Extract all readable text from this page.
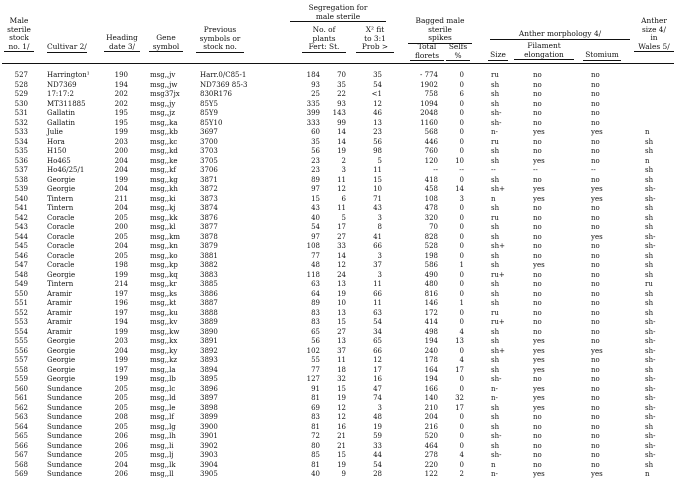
Male
sterile
stock
no. 1/	Cultivar 2/
Heading
date 3/
Gene
symbol
Previous
symbols or
stock no.
Segregation for
male sterile
No. of
plants
Fert: St.
X² fit
to 3:1
Prob >
Bagged male
sterile
spikes
Total
florets
Selfs
%
Anther morphology 4/
Size
Filament
elongation	Stomium
Anther
size 4/
in
Wales 5/
527	Harrington¹	190	msg,,jv	Harr.0/C85-1	184	70	35	- 774	0	ru	no	no
528	ND7369	194	msg,,jw	ND7369 85-3	93	35	54	1902	0	sh	no	no
529	17:17:2	202	msg37jx	830R176	25	22	<1	758	6	sh	no	no
530	MT311885	202	msg,,jy	85Y5	335	93	12	1094	0	sh	no	no
531	Gallatin	195	msg,,jz	85Y9	399	143	46	2048	0	sh-	no	no
532	Gallatin	195	msg,,ka	85Y10	333	99	13	1160	0	sh-	no	no
533	Julie	199	msg,,kb	3697	60	14	23	568	0	n-	yes	yes	n
534	Hora	203	msg,,kc	3700	35	14	56	446	0	ru	no	no	sh
535	H150	200	msg,,kd	3703	56	19	98	760	0	sh	no	no	sh
536	Ho465	204	msg,,ke	3705	23	2	5	120	10	sh	yes	no	n
537	Ho46/25/1	204	msg,,kf	3706	23	3	11	--	--	--	--	--	sh
538	Georgie	199	msg,,kg	3871	89	11	15	418	0	sh	no	no	sh
539	Georgie	204	msg,,kh	3872	97	12	10	458	14	sh+	yes	yes	sh-
540	Tintern	211	msg,,ki	3873	15	6	71	108	3	n	yes	yes	sh-
541	Tintern	204	msg,,kj	3874	43	11	43	478	0	sh	no	no	sh
542	Coracle	205	msg,,kk	3876	40	5	3	320	0	ru	no	no	sh
543	Coracle	200	msg,,kl	3877	54	17	8	70	0	sh	no	no	sh
544	Coracle	205	msg,,km	3878	97	27	41	828	0	sh	no	yes	sh-
545	Coracle	204	msg,,kn	3879	108	33	66	528	0	sh+	no	no	sh-
546	Coracle	205	msg,,ko	3881	77	14	3	198	0	sh	no	no	sh
547	Coracle	198	msg,,kp	3882	48	12	37	586	1	sh	yes	no	sh
548	Georgie	199	msg,,kq	3883	118	24	3	490	0	ru+	no	no	sh
549	Tintern	214	msg,,kr	3885	63	13	11	480	0	sh	no	no	ru
550	Aramir	197	msg,,ks	3886	64	19	66	816	0	sh	no	no	sh
551	Aramir	196	msg,,kt	3887	89	10	11	146	1	sh	no	no	sh
552	Aramir	197	msg,,ku	3888	83	13	63	172	0	ru	no	no	sh
553	Aramir	194	msg,,kv	3889	83	15	54	414	0	ru+	no	no	sh-
554	Aramir	199	msg,,kw	3890	65	27	34	498	4	sh	no	no	sh-
555	Georgie	203	msg,,kx	3891	56	13	65	194	13	sh	yes	no	sh-
556	Georgie	204	msg,,ky	3892	102	37	66	240	0	sh+	yes	yes	sh-
557	Georgie	199	msg,,kz	3893	55	11	12	178	4	sh	yes	no	sh-
558	Georgie	197	msg,,la	3894	77	18	17	164	17	sh	yes	no	sh
559	Georgie	199	msg,,lb	3895	127	32	16	194	0	sh-	no	no	sh-
560	Sundance	205	msg,,lc	3896	91	15	47	166	0	n-	yes	no	sh-
561	Sundance	205	msg,,ld	3897	81	19	74	140	32	n-	yes	no	sh-
562	Sundance	205	msg,,le	3898	69	12	3	210	17	sh	yes	no	sh-
563	Sundance	208	msg,,lf	3899	83	12	48	204	0	sh	no	no	sh-
564	Sundance	205	msg,,lg	3900	81	16	19	216	0	sh	no	no	sh
565	Sundance	206	msg,,lh	3901	72	21	59	520	0	sh-	no	no	sh-
566	Sundance	206	msg,,li	3902	80	21	33	464	0	sh	no	no	sh-
567	Sundance	205	msg,,lj	3903	85	15	44	278	4	sh-	no	no	sh-
568	Sundance	204	msg,,lk	3904	81	19	54	220	0	n	no	no	sh
569	Sundance	206	msg,,ll	3905	40	9	28	122	2	n-	yes	yes	n
